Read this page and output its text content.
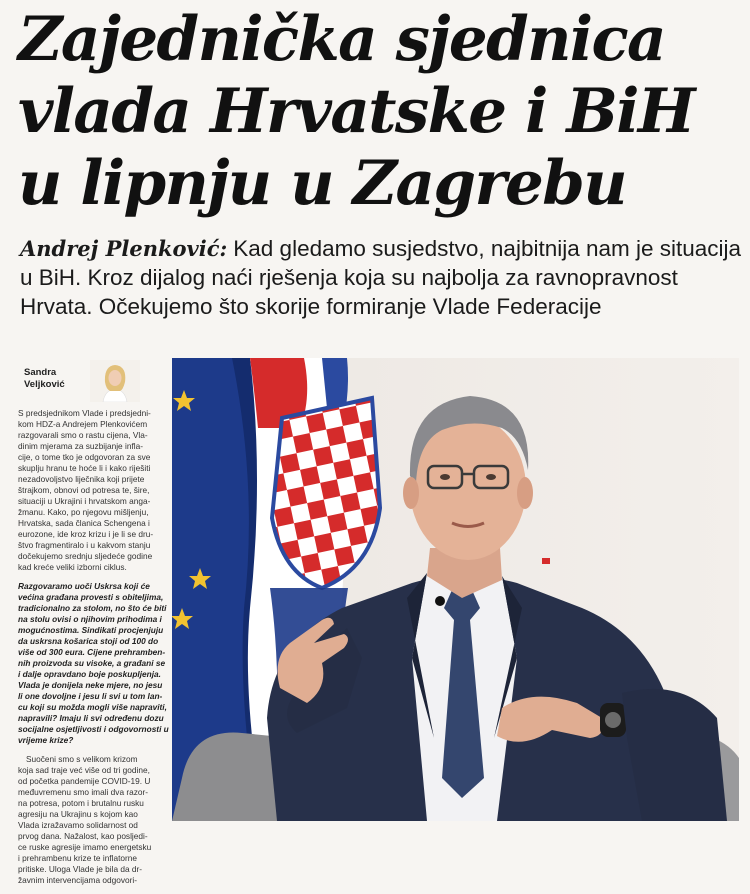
Zajednička sjednica
vlada Hrvatske i BiH
u lipnju u Zagrebu
Andrej Plenković: Kad gledamo susjedstvo, najbitnija nam je situacija
u BiH. Kroz dijalog naći rješenja koja su najbolja za ravnopravnost
Hrvata. Očekujemo što skorije formiranje Vlade Federacije
Sandra
Veljković

S predsjednikom Vlade i predsjedni-
kom HDZ-a Andrejem Plenkovićem
razgovarali smo o rastu cijena, Vla-
dinim mjerama za suzbijanje infla-
cije, o tome tko je odgovoran za sve
skuplju hranu te hoće li i kako riješiti
nezadovoljstvo liječnika koji prijete
štrajkom, obnovi od potresa te, šire,
situaciji u Ukrajini i hrvatskom anga-
žmanu. Kako, po njegovu mišljenju,
Hrvatska, sada članica Schengena i
eurozone, ide kroz krizu i je li se dru-
štvo fragmentiralo i u kakvom stanju
dočekujemo srednju sljedeće godine
kad kreće veliki izborni ciklus.

Razgovaramo uoči Uskrsa koji će
većina građana provesti s obiteljima,
tradicionalno za stolom, no što će biti
na stolu ovisi o njihovim prihodima i
mogućnostima. Sindikati procjenjuju
da uskrsna košarica stoji od 100 do
više od 300 eura. Cijene prehramben-
nih proizvoda su visoke, a građani se
i dalje opravdano boje poskupljenja.
Vlada je donijela neke mjere, no jesu
li one dovoljne i jesu li svi u tom lan-
cu koji su možda mogli više napraviti,
napravili? Imaju li svi određenu dozu
socijalne osjetljivosti i odgovornosti u
vrijeme krize?

Suočeni smo s velikom krizom
koja sad traje već više od tri godine,
od početka pandemije COVID-19. U
međuvremenu smo imali dva razor-
na potresa, potom i brutalnu rusku
agresiju na Ukrajinu s kojom kao
Vlada izražavamo solidarnost od
prvog dana. Nažalost, kao posljedi-
ce ruske agresije imamo energetsku
i prehrambenu krize te inflatorne
pritiske. Uloga Vlade je bila da dr-
žavnim intervencijama odgovori-
